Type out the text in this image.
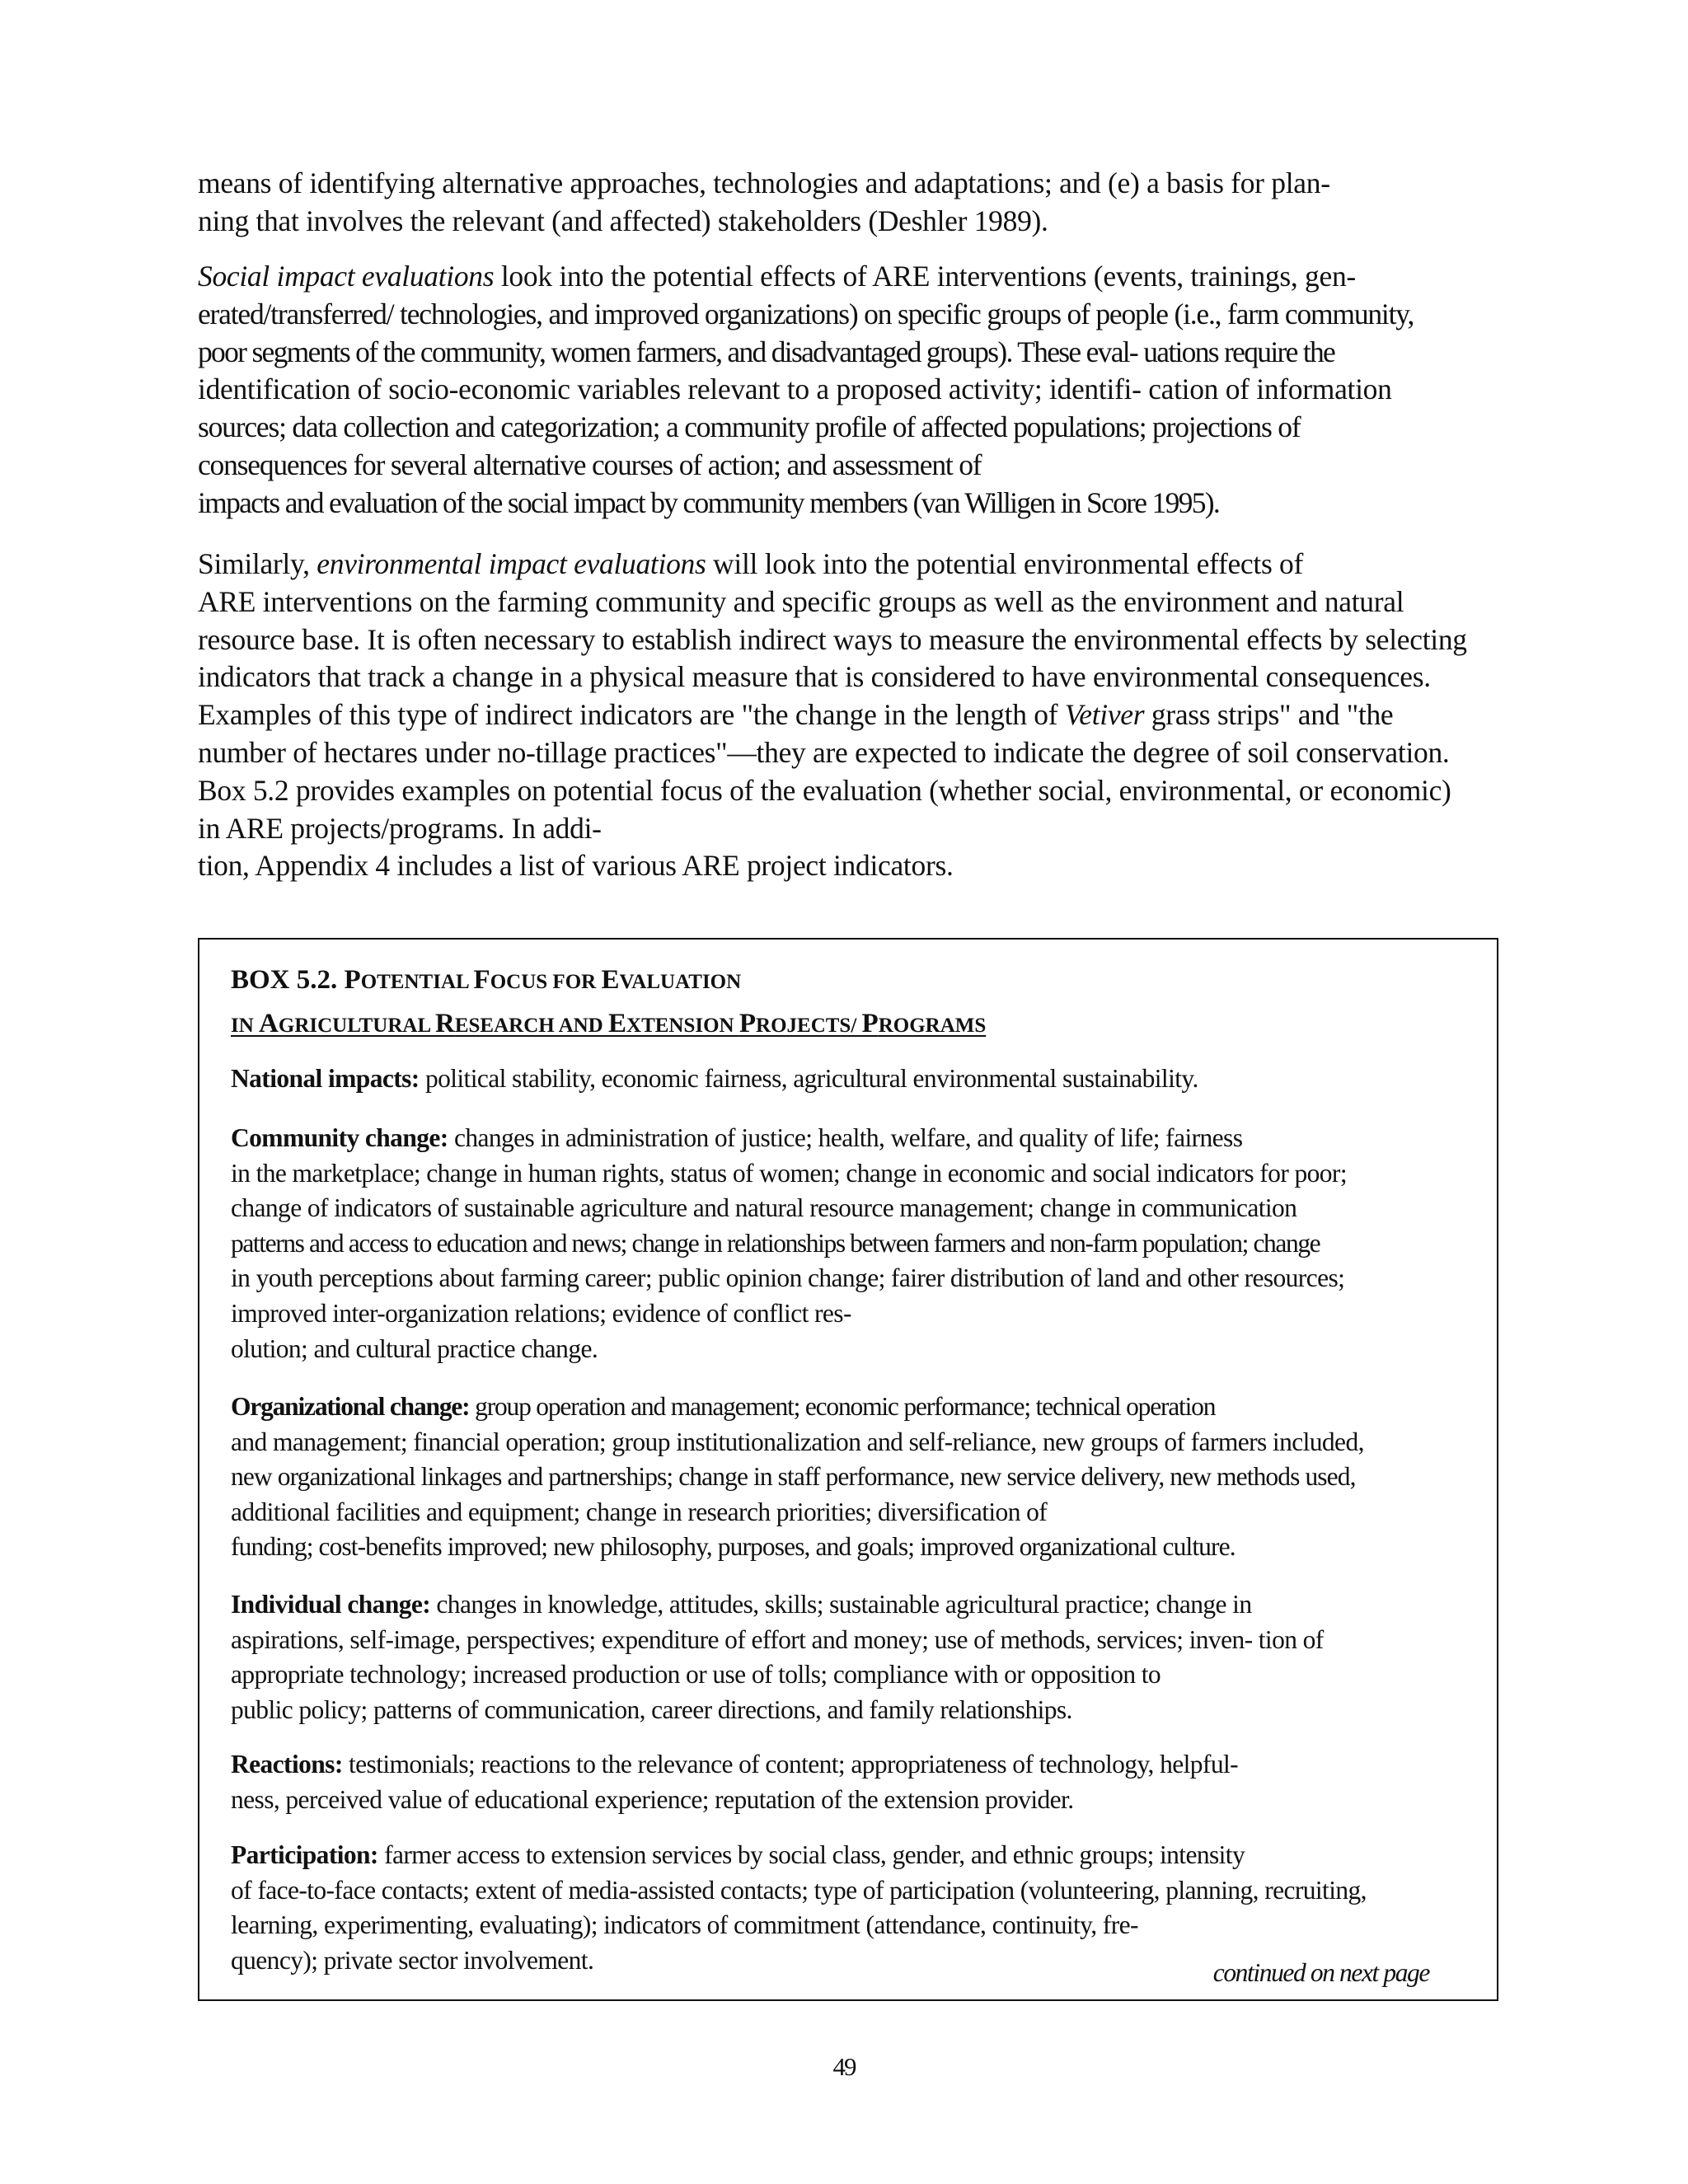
means of identifying alternative approaches, technologies and adaptations; and (e) a basis for plan-
ning that involves the relevant (and affected) stakeholders (Deshler 1989).
Social impact evaluations look into the potential effects of ARE interventions (events, trainings, gen-
erated/transferred/ technologies, and improved organizations) on specific groups of people (i.e., farm community,
poor segments of the community, women farmers, and disadvantaged groups). These eval- uations require the
identification of socio-economic variables relevant to a proposed activity; identifi- cation of information
sources; data collection and categorization; a community profile of affected populations; projections of
consequences for several alternative courses of action; and assessment of
impacts and evaluation of the social impact by community members (van Willigen in Score 1995).
Similarly, environmental impact evaluations will look into the potential environmental effects of
ARE interventions on the farming community and specific groups as well as the environment and natural
resource base. It is often necessary to establish indirect ways to measure the environmental effects by selecting
indicators that track a change in a physical measure that is considered to have environmental consequences.
Examples of this type of indirect indicators are "the change in the length of Vetiver grass strips" and "the
number of hectares under no-tillage practices"—they are expected to indicate the degree of soil conservation.
Box 5.2 provides examples on potential focus of the evaluation (whether social, environmental, or economic)
in ARE projects/programs. In addi-
tion, Appendix 4 includes a list of various ARE project indicators.
BOX 5.2. POTENTIAL FOCUS FOR EVALUATION
IN AGRICULTURAL RESEARCH AND EXTENSION PROJECTS/ PROGRAMS
National impacts: political stability, economic fairness, agricultural environmental sustainability.
Community change: changes in administration of justice; health, welfare, and quality of life; fairness
in the marketplace; change in human rights, status of women; change in economic and social indicators for poor;
change of indicators of sustainable agriculture and natural resource management; change in communication
patterns and access to education and news; change in relationships between farmers and non-farm population; change
in youth perceptions about farming career; public opinion change; fairer distribution of land and other resources;
improved inter-organization relations; evidence of conflict res-
olution; and cultural practice change.
Organizational change: group operation and management; economic performance; technical operation
and management; financial operation; group institutionalization and self-reliance, new groups of farmers included,
new organizational linkages and partnerships; change in staff performance, new service delivery, new methods used,
additional facilities and equipment; change in research priorities; diversification of
funding; cost-benefits improved; new philosophy, purposes, and goals; improved organizational culture.
Individual change: changes in knowledge, attitudes, skills; sustainable agricultural practice; change in
aspirations, self-image, perspectives; expenditure of effort and money; use of methods, services; inven- tion of
appropriate technology; increased production or use of tolls; compliance with or opposition to
public policy; patterns of communication, career directions, and family relationships.
Reactions: testimonials; reactions to the relevance of content; appropriateness of technology, helpful-
ness, perceived value of educational experience; reputation of the extension provider.
Participation: farmer access to extension services by social class, gender, and ethnic groups; intensity
of face-to-face contacts; extent of media-assisted contacts; type of participation (volunteering, planning, recruiting,
learning, experimenting, evaluating); indicators of commitment (attendance, continuity, fre-
quency); private sector involvement.	continued on next page
49
